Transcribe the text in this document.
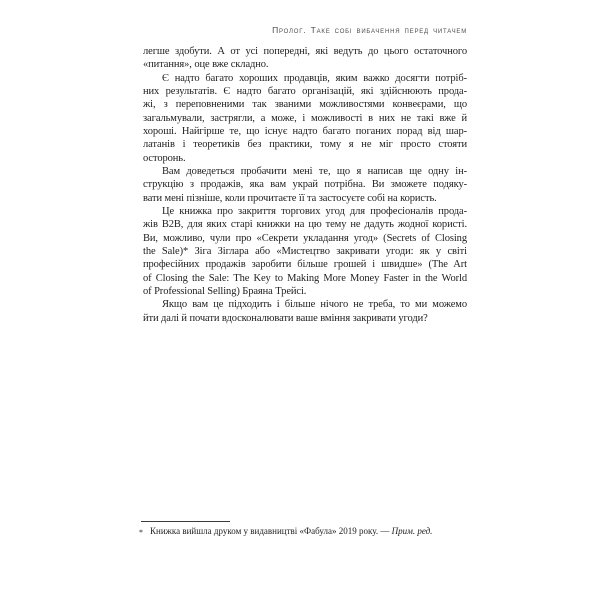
Пролог. Таке собі вибачення перед читачем

легше здобути. А от усі попередні, які ведуть до цього остаточного
«питання», оце вже складно.

Є надто багато хороших продавців, яким важко досягти потріб-
них результатів. Є надто багато організацій, які здійснюють прода-
жі, з переповненими так званими можливостями конвеєрами, що
загальмували, застрягли, а може, і можливості в них не такі вже й
хороші. Найгірше те, що існує надто багато поганих порад від шар-
латанів і теоретиків без практики, тому я не міг просто стояти
осторонь.

Вам доведеться пробачити мені те, що я написав ще одну ін-
струкцію з продажів, яка вам украй потрібна. Ви зможете подяку-
вати мені пізніше, коли прочитаєте її та застосуєте собі на користь.

Це книжка про закриття торгових угод для професіоналів прода-
жів B2B, для яких старі книжки на цю тему не дадуть жодної користі.
Ви, можливо, чули про «Секрети укладання угод» (Secrets of Closing
the Sale)* Зіга Зіглара або «Мистецтво закривати угоди: як у світі
професійних продажів заробити більше грошей і швидше» (The Art
of Closing the Sale: The Key to Making More Money Faster in the World
of Professional Selling) Браяна Трейсі.

Якщо вам це підходить і більше нічого не треба, то ми можемо
йти далі й почати вдосконалювати ваше вміння закривати угоди?

* Книжка вийшла друком у видавництві «Фабула» 2019 року. — Прим. ред.
